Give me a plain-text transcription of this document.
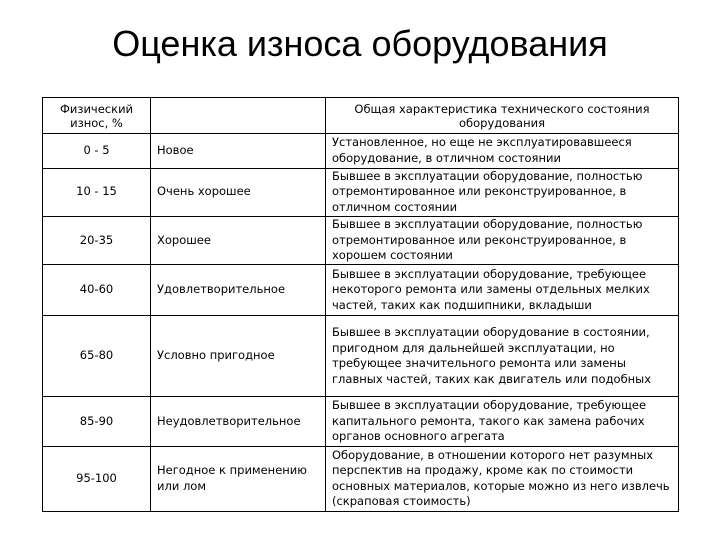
Оценка износа оборудования
Физический износ, %		Общая характеристика технического состояния оборудования
0 - 5	Новое	Установленное, но еще не эксплуатировавшееся оборудование, в отличном состоянии
10 - 15	Очень хорошее	Бывшее в эксплуатации оборудование, полностью отремонтированное или реконструированное, в отличном состоянии
20-35	Хорошее	Бывшее в эксплуатации оборудование, полностью отремонтированное или реконструированное, в хорошем состоянии
40-60	Удовлетворительное	Бывшее в эксплуатации оборудование, требующее некоторого ремонта или замены отдельных мелких частей, таких как подшипники, вкладыши
65-80	Условно пригодное	Бывшее в эксплуатации оборудование в состоянии, пригодном для дальнейшей эксплуатации, но требующее значительного ремонта или замены главных частей, таких как двигатель или подобных
85-90	Неудовлетворительное	Бывшее в эксплуатации оборудование, требующее капитального ремонта, такого как замена рабочих органов основного агрегата
95-100	Негодное к применению или лом	Оборудование, в отношении которого нет разумных перспектив на продажу, кроме как по стоимости основных материалов, которые можно из него извлечь (скраповая стоимость)
